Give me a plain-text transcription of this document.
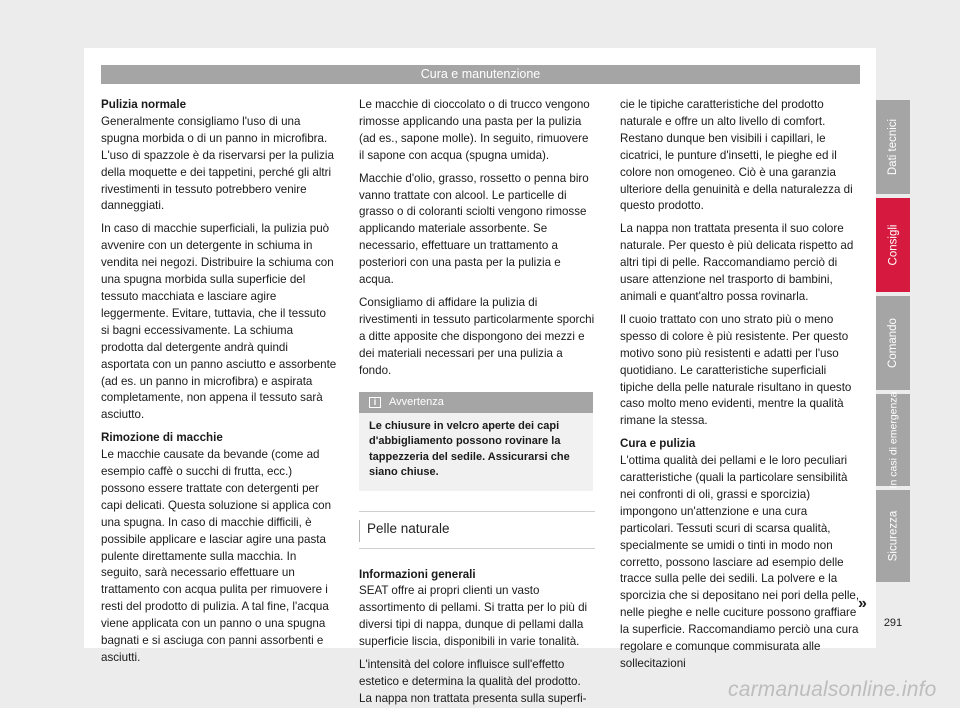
Cura e manutenzione

Pulizia normale

Generalmente consigliamo l'uso di una spugna morbida o di un panno in microfibra. L'uso di spazzole è da riservarsi per la pulizia della moquette e dei tappetini, perché gli altri rivestimenti in tessuto potrebbero venire danneggiati.

In caso di macchie superficiali, la pulizia può avvenire con un detergente in schiuma in vendita nei negozi. Distribuire la schiuma con una spugna morbida sulla superficie del tessuto macchiata e lasciare agire leggermente. Evitare, tuttavia, che il tessuto si bagni eccessivamente. La schiuma prodotta dal detergente andrà quindi asportata con un panno asciutto e assorbente (ad es. un panno in microfibra) e aspirata completamente, non appena il tessuto sarà asciutto.

Rimozione di macchie

Le macchie causate da bevande (come ad esempio caffè o succhi di frutta, ecc.) possono essere trattate con detergenti per capi delicati. Questa soluzione si applica con una spugna. In caso di macchie difficili, è possibile applicare e lasciar agire una pasta pulente direttamente sulla macchia. In seguito, sarà necessario effettuare un trattamento con acqua pulita per rimuovere i resti del prodotto di pulizia. A tal fine, l'acqua viene applicata con un panno o una spugna bagnati e si asciuga con panni assorbenti e asciutti.

Le macchie di cioccolato o di trucco vengono rimosse applicando una pasta per la pulizia (ad es., sapone molle). In seguito, rimuovere il sapone con acqua (spugna umida).

Macchie d'olio, grasso, rossetto o penna biro vanno trattate con alcool. Le particelle di grasso o di coloranti sciolti vengono rimosse applicando materiale assorbente. Se necessario, effettuare un trattamento a posteriori con una pasta per la pulizia e acqua.

Consigliamo di affidare la pulizia di rivestimenti in tessuto particolarmente sporchi a ditte apposite che dispongono dei mezzi e dei materiali necessari per una pulizia a fondo.

i	Avvertenza
Le chiusure in velcro aperte dei capi d'abbigliamento possono rovinare la tappezzeria del sedile. Assicurarsi che siano chiuse.
Pelle naturale

Informazioni generali

SEAT offre ai propri clienti un vasto assortimento di pellami. Si tratta per lo più di diversi tipi di nappa, dunque di pellami dalla superficie liscia, disponibili in varie tonalità.

L'intensità del colore influisce sull'effetto estetico e determina la qualità del prodotto. La nappa non trattata presenta sulla superfi-

cie le tipiche caratteristiche del prodotto naturale e offre un alto livello di comfort. Restano dunque ben visibili i capillari, le cicatrici, le punture d'insetti, le pieghe ed il colore non omogeneo. Ciò è una garanzia ulteriore della genuinità e della naturalezza di questo prodotto.

La nappa non trattata presenta il suo colore naturale. Per questo è più delicata rispetto ad altri tipi di pelle. Raccomandiamo perciò di usare attenzione nel trasporto di bambini, animali e quant'altro possa rovinarla.

Il cuoio trattato con uno strato più o meno spesso di colore è più resistente. Per questo motivo sono più resistenti e adatti per l'uso quotidiano. Le caratteristiche superficiali tipiche della pelle naturale risultano in questo caso molto meno evidenti, mentre la qualità rimane la stessa.

Cura e pulizia

L'ottima qualità dei pellami e le loro peculiari caratteristiche (quali la particolare sensibilità nei confronti di oli, grassi e sporcizia) impongono un'attenzione e una cura particolari. Tessuti scuri di scarsa qualità, specialmente se umidi o tinti in modo non corretto, possono lasciare ad esempio delle tracce sulla pelle dei sedili. La polvere e la sporcizia che si depositano nei pori della pelle, nelle pieghe e nelle cuciture possono graffiare la superficie. Raccomandiamo perciò una cura regolare e comunque commisurata alle sollecitazioni

»
Dati tecnici
Consigli
Comando
In casi di emergenza
Sicurezza
291
carmanualsonline.info
